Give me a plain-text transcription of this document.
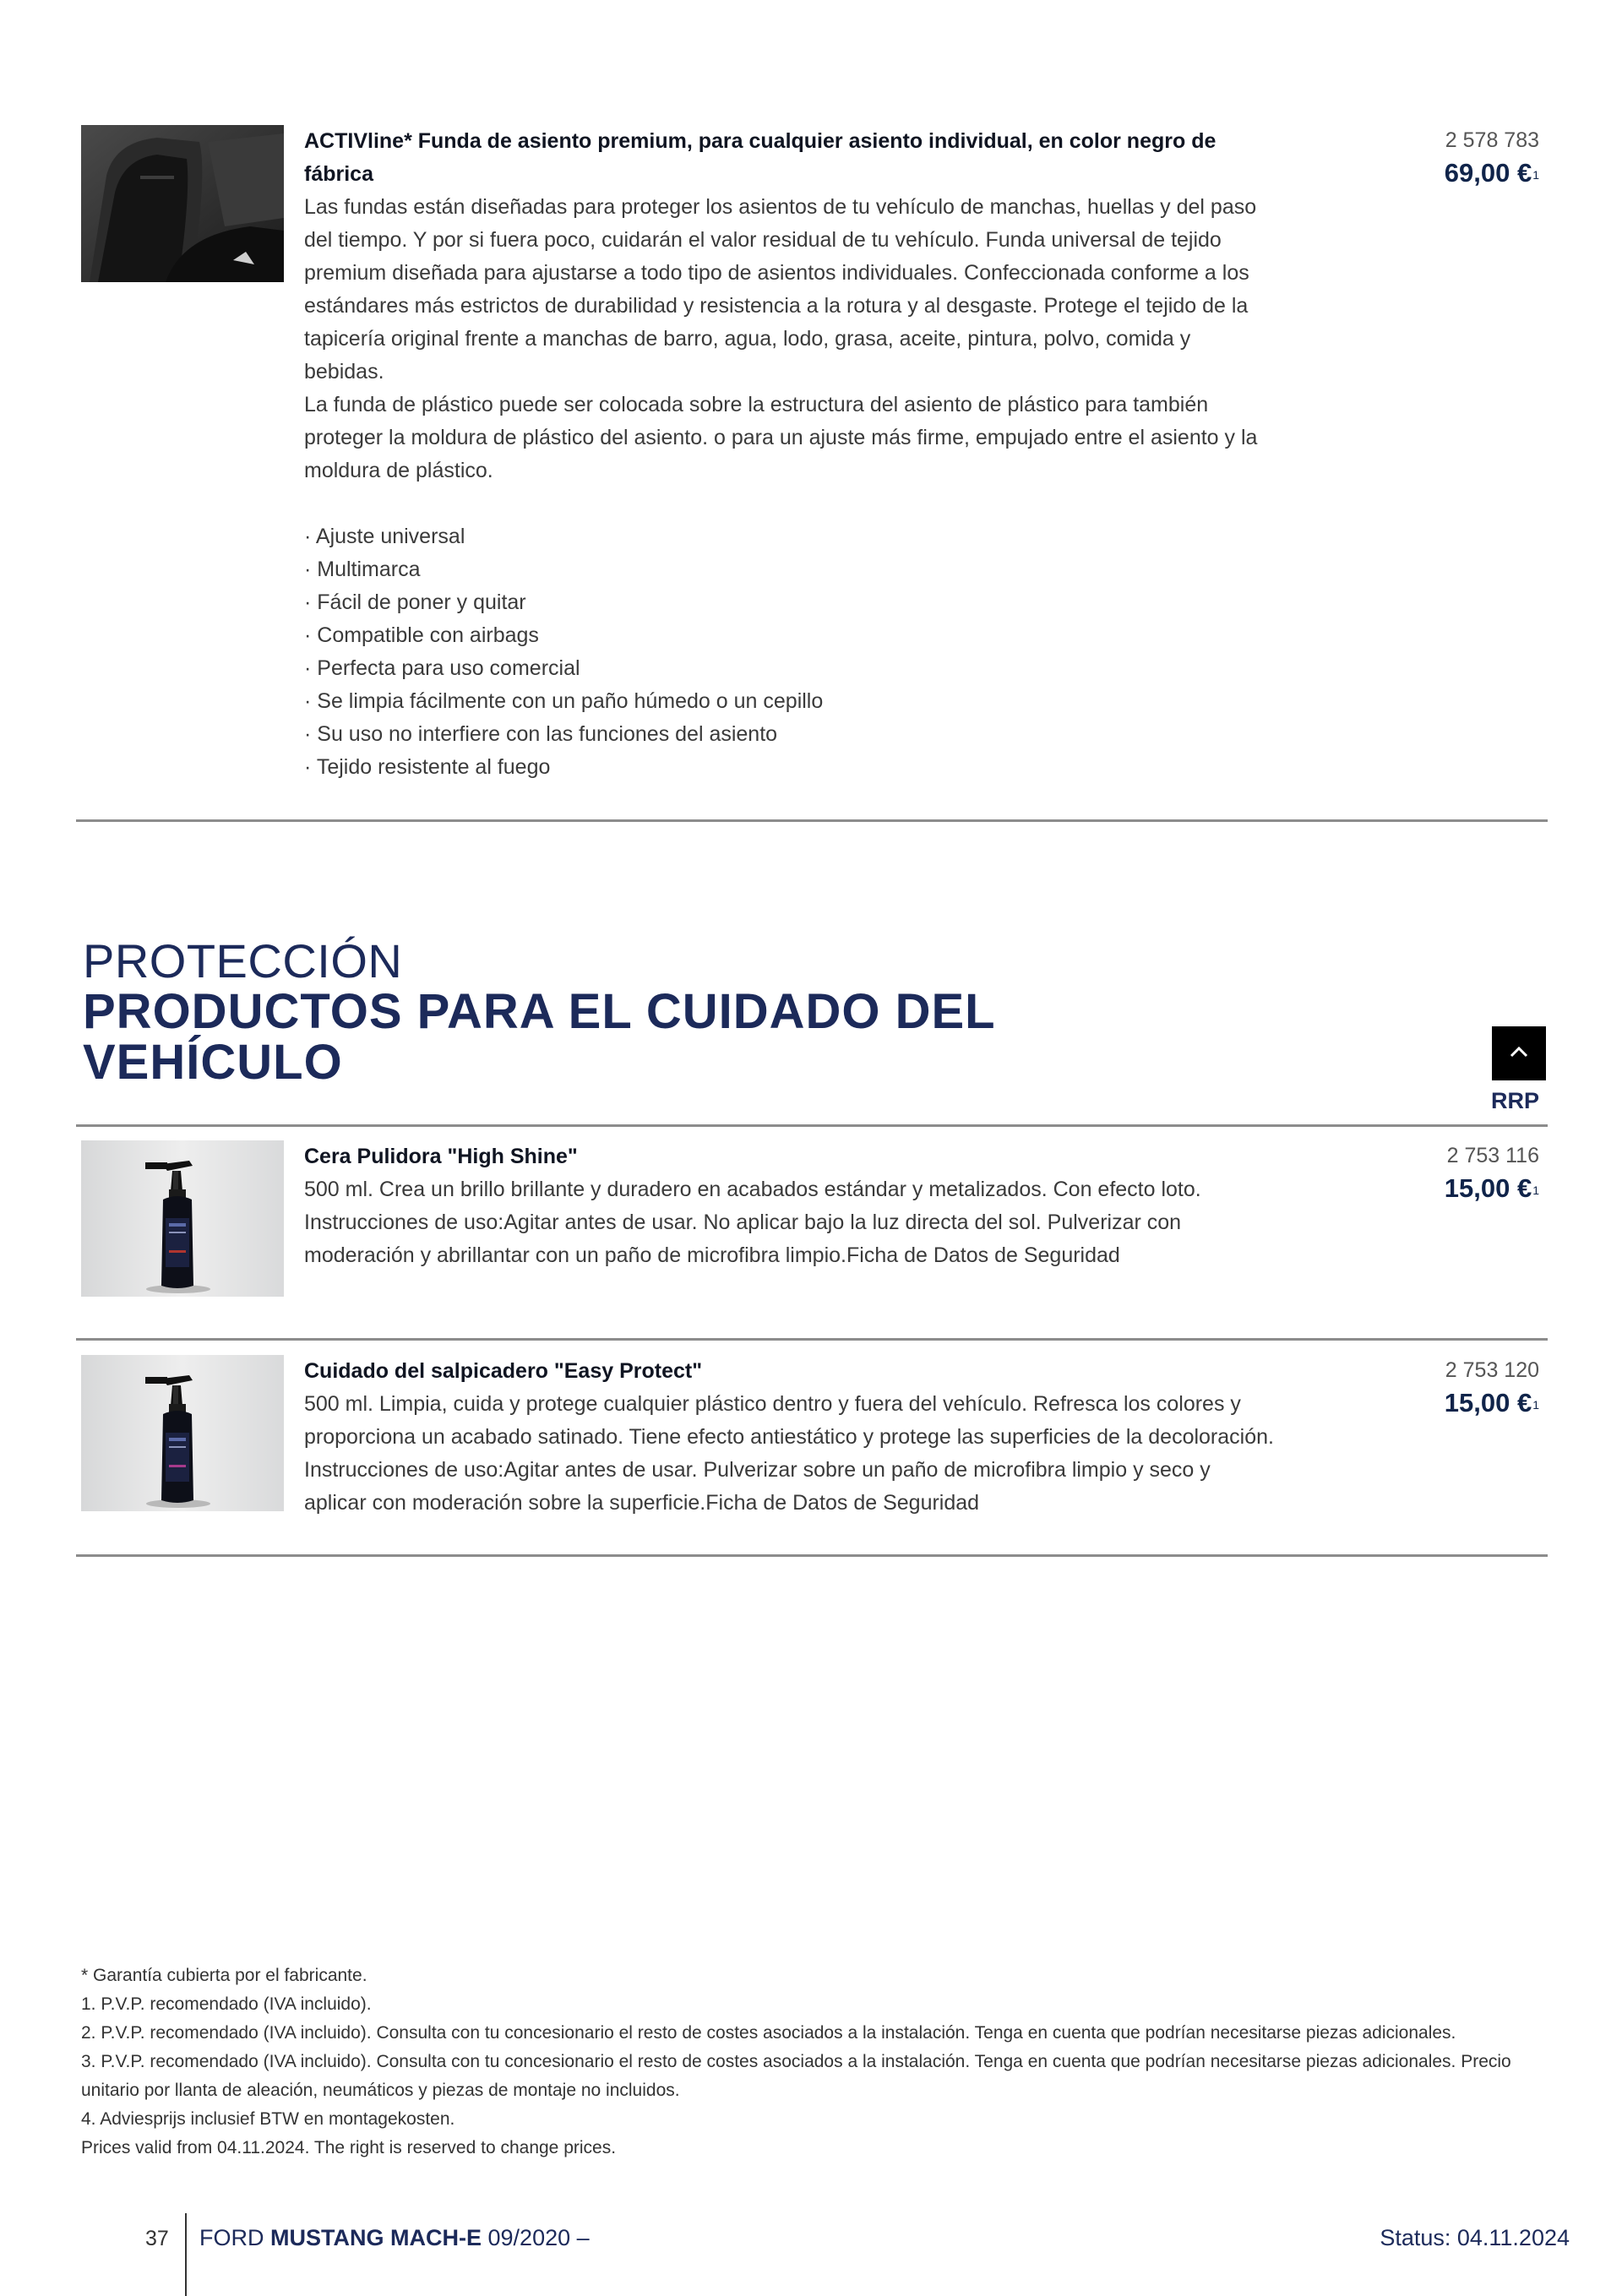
ACTIVline* Funda de asiento premium, para cualquier asiento individual, en color negro de fábrica

Las fundas están diseñadas para proteger los asientos de tu vehículo de manchas, huellas y del paso del tiempo. Y por si fuera poco, cuidarán el valor residual de tu vehículo. Funda universal de tejido premium diseñada para ajustarse a todo tipo de asientos individuales. Confeccionada conforme a los estándares más estrictos de durabilidad y resistencia a la rotura y al desgaste. Protege el tejido de la tapicería original frente a manchas de barro, agua, lodo, grasa, aceite, pintura, polvo, comida y bebidas.

La funda de plástico puede ser colocada sobre la estructura del asiento de plástico para también proteger la moldura de plástico del asiento. o para un ajuste más firme, empujado entre el asiento y la moldura de plástico.

· Ajuste universal
· Multimarca
· Fácil de poner y quitar
· Compatible con airbags
· Perfecta para uso comercial
· Se limpia fácilmente con un paño húmedo o un cepillo
· Su uso no interfiere con las funciones del asiento
· Tejido resistente al fuego
2 578 783
69,00 €$^1$
PROTECCIÓN
PRODUCTOS PARA EL CUIDADO DEL VEHÍCULO
RRP
Cera Pulidora "High Shine"

500 ml. Crea un brillo brillante y duradero en acabados estándar y metalizados. Con efecto loto.

Instrucciones de uso:Agitar antes de usar. No aplicar bajo la luz directa del sol. Pulverizar con moderación y abrillantar con un paño de microfibra limpio.Ficha de Datos de Seguridad

2 753 116
15,00 €$^1$
Cuidado del salpicadero "Easy Protect"

500 ml. Limpia, cuida y protege cualquier plástico dentro y fuera del vehículo. Refresca los colores y proporciona un acabado satinado. Tiene efecto antiestático y protege las superficies de la decoloración.

Instrucciones de uso:Agitar antes de usar. Pulverizar sobre un paño de microfibra limpio y seco y aplicar con moderación sobre la superficie.Ficha de Datos de Seguridad

2 753 120
15,00 €$^1$
* Garantía cubierta por el fabricante.
1. P.V.P. recomendado (IVA incluido).
2. P.V.P. recomendado (IVA incluido). Consulta con tu concesionario el resto de costes asociados a la instalación. Tenga en cuenta que podrían necesitarse piezas adicionales.
3. P.V.P. recomendado (IVA incluido). Consulta con tu concesionario el resto de costes asociados a la instalación. Tenga en cuenta que podrían necesitarse piezas adicionales. Precio unitario por llanta de aleación, neumáticos y piezas de montaje no incluidos.
4. Adviesprijs inclusief BTW en montagekosten.
Prices valid from 04.11.2024. The right is reserved to change prices.
37 FORD MUSTANG MACH-E 09/2020 –	Status: 04.11.2024
